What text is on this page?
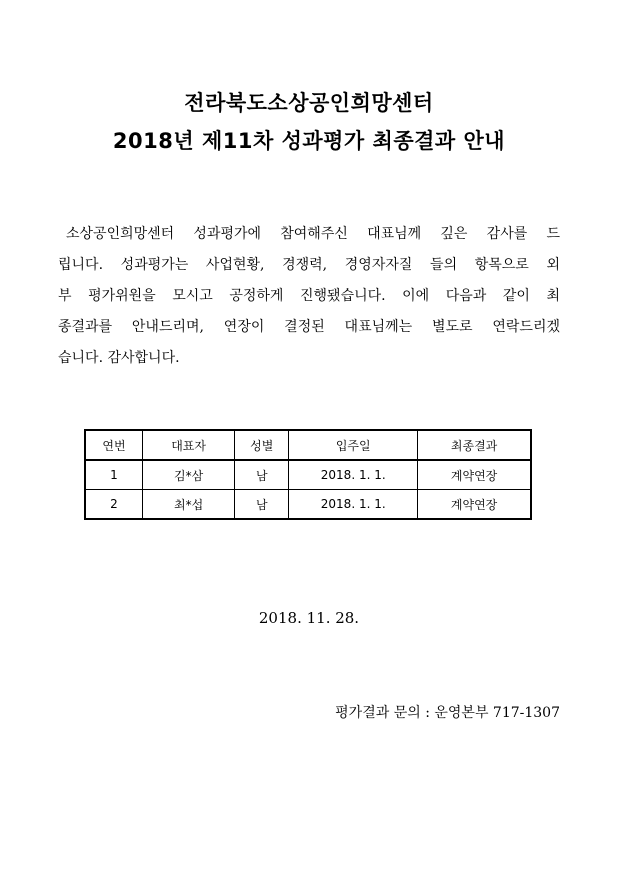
전라북도소상공인희망센터
2018년 제11차 성과평가 최종결과 안내
소상공인희망센터 성과평가에 참여해주신 대표님께 깊은 감사를 드
립니다. 성과평가는 사업현황, 경쟁력, 경영자자질 들의 항목으로 외
부 평가위원을 모시고 공정하게 진행됐습니다. 이에 다음과 같이 최
종결과를 안내드리며, 연장이 결정된 대표님께는 별도로 연락드리겠
습니다. 감사합니다.
연번	대표자	성별	입주일	최종결과
1	김*삼	남	2018. 1. 1.	계약연장
2	최*섭	남	2018. 1. 1.	계약연장
2018. 11. 28.
평가결과 문의 : 운영본부 717-1307
